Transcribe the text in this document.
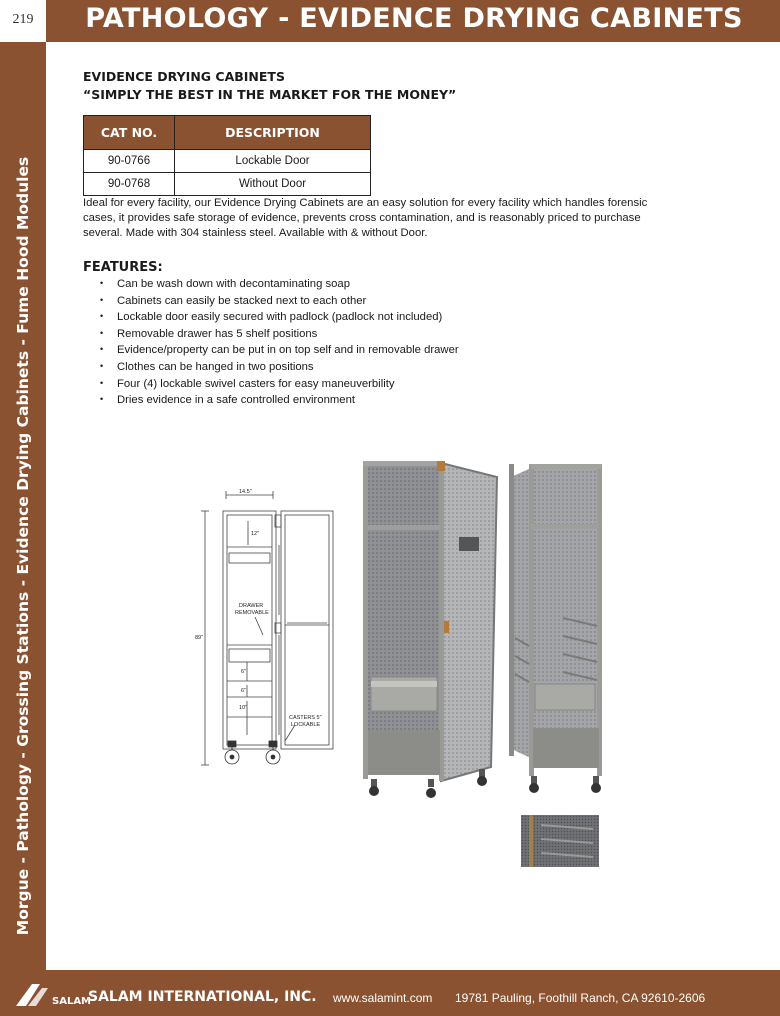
219	PATHOLOGY - EVIDENCE DRYING CABINETS
Morgue - Pathology - Grossing Stations - Evidence Drying Cabinets - Fume Hood Modules
EVIDENCE DRYING CABINETS
“SIMPLY THE BEST IN THE MARKET FOR THE MONEY”
CAT NO.	DESCRIPTION
90-0766	Lockable Door
90-0768	Without Door
Ideal for every facility, our Evidence Drying Cabinets are an easy solution for every facility which handles forensic cases, it provides safe storage of evidence, prevents cross contamination, and is reasonably priced to purchase several. Made with 304 stainless steel. Available with & without Door.
FEATURES:
• Can be wash down with decontaminating soap
• Cabinets can easily be stacked next to each other
• Lockable door easily secured with padlock (padlock not included)
• Removable drawer has 5 shelf positions
• Evidence/property can be put in on top self and in removable drawer
• Clothes can be hanged in two positions
• Four (4) lockable swivel casters for easy maneuverbility
• Dries evidence in a safe controlled environment
14.5"
12"
89"
DRAWER
REMOVABLE
6"
6"
10"
CASTERS 5"
LOCKABLE
SALAM
SALAM INTERNATIONAL, INC. www.salamint.com 19781 Pauling, Foothill Ranch, CA 92610-2606
